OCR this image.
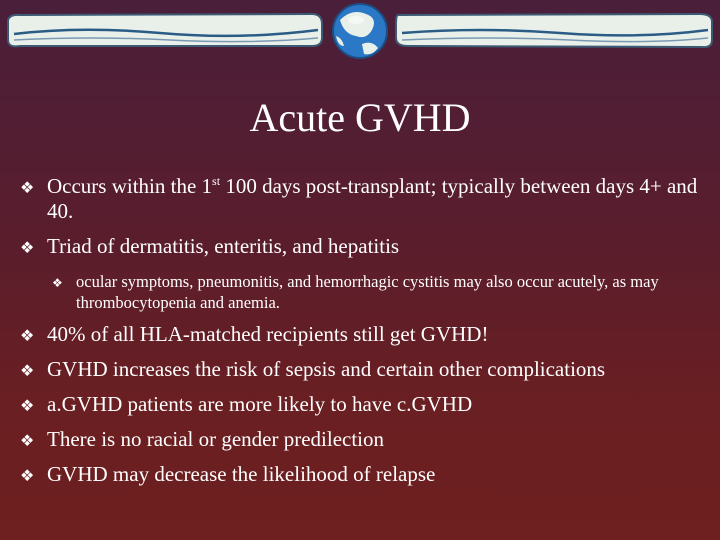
Acute GVHD
❖ Occurs within the 1st 100 days post-transplant; typically between days 4+ and 40.
❖ Triad of dermatitis, enteritis, and hepatitis
❖ ocular symptoms, pneumonitis, and hemorrhagic cystitis may also occur acutely, as may thrombocytopenia and anemia.
❖ 40% of all HLA-matched recipients still get GVHD!
❖ GVHD increases the risk of sepsis and certain other complications
❖ a.GVHD patients are more likely to have c.GVHD
❖ There is no racial or gender predilection
❖ GVHD may decrease the likelihood of relapse
